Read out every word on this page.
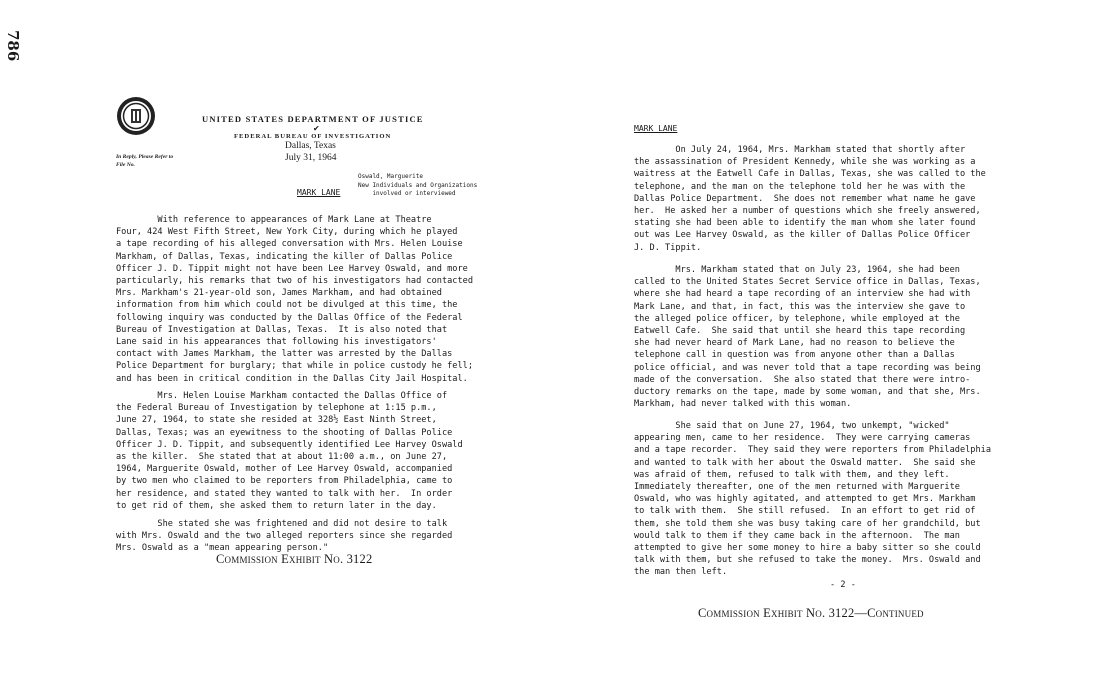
786
UNITED STATES DEPARTMENT OF JUSTICE
✔
FEDERAL BUREAU OF INVESTIGATION
Dallas, Texas
July 31, 1964
In Reply, Please Refer to
File No.
Oswald, Marguerite
New Individuals and Organizations
involved or interviewed
MARK LANE

With reference to appearances of Mark Lane at Theatre
Four, 424 West Fifth Street, New York City, during which he played
a tape recording of his alleged conversation with Mrs. Helen Louise
Markham, of Dallas, Texas, indicating the killer of Dallas Police
Officer J. D. Tippit might not have been Lee Harvey Oswald, and more
particularly, his remarks that two of his investigators had contacted
Mrs. Markham's 21-year-old son, James Markham, and had obtained
information from him which could not be divulged at this time, the
following inquiry was conducted by the Dallas Office of the Federal
Bureau of Investigation at Dallas, Texas.  It is also noted that
Lane said in his appearances that following his investigators'
contact with James Markham, the latter was arrested by the Dallas
Police Department for burglary; that while in police custody he fell;
and has been in critical condition in the Dallas City Jail Hospital.

Mrs. Helen Louise Markham contacted the Dallas Office of
the Federal Bureau of Investigation by telephone at 1:15 p.m.,
June 27, 1964, to state she resided at 328½ East Ninth Street,
Dallas, Texas; was an eyewitness to the shooting of Dallas Police
Officer J. D. Tippit, and subsequently identified Lee Harvey Oswald
as the killer.  She stated that at about 11:00 a.m., on June 27,
1964, Marguerite Oswald, mother of Lee Harvey Oswald, accompanied
by two men who claimed to be reporters from Philadelphia, came to
her residence, and stated they wanted to talk with her.  In order
to get rid of them, she asked them to return later in the day.

She stated she was frightened and did not desire to talk
with Mrs. Oswald and the two alleged reporters since she regarded
Mrs. Oswald as a "mean appearing person."

Commission Exhibit No. 3122
MARK LANE

On July 24, 1964, Mrs. Markham stated that shortly after
the assassination of President Kennedy, while she was working as a
waitress at the Eatwell Cafe in Dallas, Texas, she was called to the
telephone, and the man on the telephone told her he was with the
Dallas Police Department.  She does not remember what name he gave
her.  He asked her a number of questions which she freely answered,
stating she had been able to identify the man whom she later found
out was Lee Harvey Oswald, as the killer of Dallas Police Officer
J. D. Tippit.

Mrs. Markham stated that on July 23, 1964, she had been
called to the United States Secret Service office in Dallas, Texas,
where she had heard a tape recording of an interview she had with
Mark Lane, and that, in fact, this was the interview she gave to
the alleged police officer, by telephone, while employed at the
Eatwell Cafe.  She said that until she heard this tape recording
she had never heard of Mark Lane, had no reason to believe the
telephone call in question was from anyone other than a Dallas
police official, and was never told that a tape recording was being
made of the conversation.  She also stated that there were intro-
ductory remarks on the tape, made by some woman, and that she, Mrs.
Markham, had never talked with this woman.

She said that on June 27, 1964, two unkempt, "wicked"
appearing men, came to her residence.  They were carrying cameras
and a tape recorder.  They said they were reporters from Philadelphia
and wanted to talk with her about the Oswald matter.  She said she
was afraid of them, refused to talk with them, and they left.
Immediately thereafter, one of the men returned with Marguerite
Oswald, who was highly agitated, and attempted to get Mrs. Markham
to talk with them.  She still refused.  In an effort to get rid of
them, she told them she was busy taking care of her grandchild, but
would talk to them if they came back in the afternoon.  The man
attempted to give her some money to hire a baby sitter so she could
talk with them, but she refused to take the money.  Mrs. Oswald and
the man then left.

- 2 -
Commission Exhibit No. 3122—Continued
